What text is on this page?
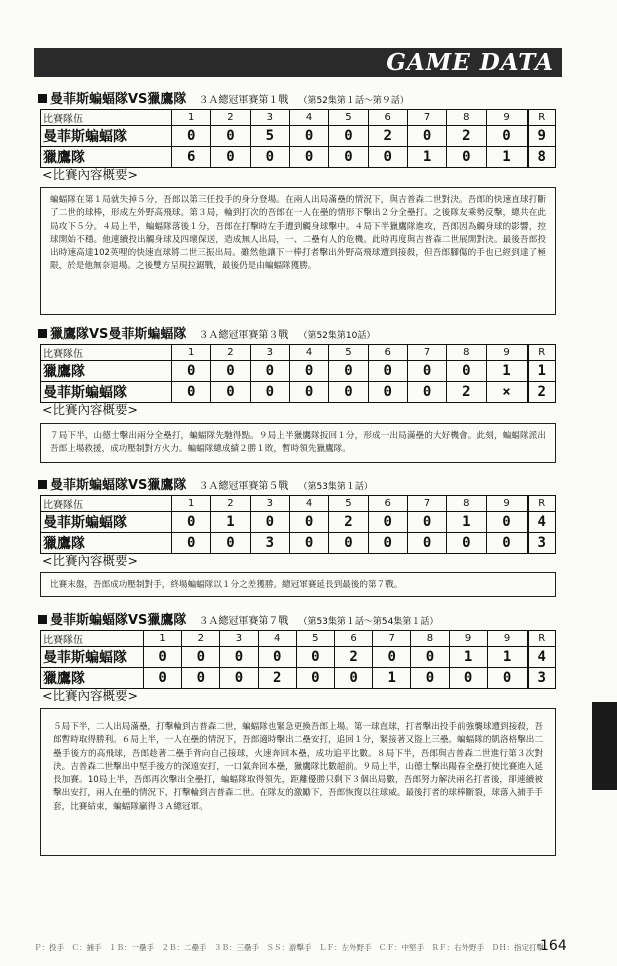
GAME DATA
曼菲斯蝙蝠隊VS獵鷹隊 ３Ａ總冠軍賽第１戰 （第52集第１話～第９話）
比賽隊伍	1	2	3	4	5	6	7	8	9	R
曼菲斯蝙蝠隊	0	0	5	0	0	2	0	2	0	9
獵鷹隊	6	0	0	0	0	0	1	0	1	8
<比賽內容概要>
蝙蝠隊在第１局就失掉５分，吾郎以第三任投手的身分登場。在兩人出局滿壘的情況下，與吉普森二世對決。吾郎的快速直球打斷了二世的球棒，形成左外野高飛球。第３局，輪到打次的吾郎在一人在壘的情形下擊出２分全壘打。之後隊友乘勢反擊，總共在此局攻下５分。４局上半，蝙蝠隊落後１分，吾郎在打擊時左手遭到觸身球擊中。４局下半獵鷹隊進攻，吾郎因為觸身球的影響，控球開始不穩。他連續投出觸身球及四壞保送，造成無人出局，一、二壘有人的危機。此時再度與吉普森二世展開對決。最後吾郎投出時速高達102英哩的快速直球將二世三振出局。雖然他讓下一棒打者擊出外野高飛球遭到接殺，但吾郎腳傷的手也已經到達了極限，於是他無奈退場。之後雙方呈現拉鋸戰，最後仍是由蝙蝠隊獲勝。
獵鷹隊VS曼菲斯蝙蝠隊 ３Ａ總冠軍賽第３戰 （第52集第10話）
比賽隊伍	1	2	3	4	5	6	7	8	9	R
獵鷹隊	0	0	0	0	0	0	0	0	1	1
曼菲斯蝙蝠隊	0	0	0	0	0	0	0	2	×	2
<比賽內容概要>
７局下半，山德士擊出兩分全壘打，蝙蝠隊先馳得點。９局上半獵鷹隊扳回１分，形成一出局滿壘的大好機會。此刻，蝙蝠隊派出吾郎上場救援，成功壓制對方火力。蝙蝠隊總成績２勝１敗，暫時領先獵鷹隊。
曼菲斯蝙蝠隊VS獵鷹隊 ３Ａ總冠軍賽第５戰 （第53集第１話）
比賽隊伍	1	2	3	4	5	6	7	8	9	R
曼菲斯蝙蝠隊	0	1	0	0	2	0	0	1	0	4
獵鷹隊	0	0	3	0	0	0	0	0	0	3
<比賽內容概要>
比賽末盤，吾郎成功壓制對手，終場蝙蝠隊以１分之差獲勝。總冠軍賽延長到最後的第７戰。
曼菲斯蝙蝠隊VS獵鷹隊 ３Ａ總冠軍賽第７戰 （第53集第１話～第54集第１話）
比賽隊伍	1	2	3	4	5	6	7	8	9	9	R
曼菲斯蝙蝠隊	0	0	0	0	0	2	0	0	1	1	4
獵鷹隊	0	0	0	2	0	0	1	0	0	0	3
<比賽內容概要>
５局下半，二人出局滿壘，打擊輪到吉普森二世，蝙蝠隊也緊急更換吾郎上場。第一球直球，打者擊出投手前強襲球遭到接殺，吾郎暫時取得勝利。６局上半，一人在壘的情況下，吾郎適時擊出二壘安打，追回１分，緊接著又盜上三壘。蝙蝠隊的凱洛格擊出二壘手後方的高飛球，吾郎趁著二壘手背向自己接球，火速奔回本壘，成功追平比數。８局下半，吾郎與吉普森二世進行第３次對決。吉普森二世擊出中堅手後方的深遠安打，一口氣奔回本壘，獵鷹隊比數超前。９局上半，山德士擊出陽春全壘打使比賽進入延長加賽。10局上半，吾郎再次擊出全壘打，蝙蝠隊取得領先，距離優勝只剩下３個出局數，吾郎努力解決兩名打者後，卻連續被擊出安打，兩人在壘的情況下，打擊輪到吉普森二世。在隊友的激勵下，吾郎恢復以往球威。最後打者的球棒斷裂，球落入捕手手套，比賽結束，蝙蝠隊贏得３Ａ總冠軍。
Ｐ：投手　Ｃ：捕手　１Ｂ：一壘手　２Ｂ：二壘手　３Ｂ：三壘手　ＳＳ：游擊手　ＬＦ：左外野手　ＣＦ：中堅手　ＲＦ：右外野手　ＤＨ：指定打擊
164
